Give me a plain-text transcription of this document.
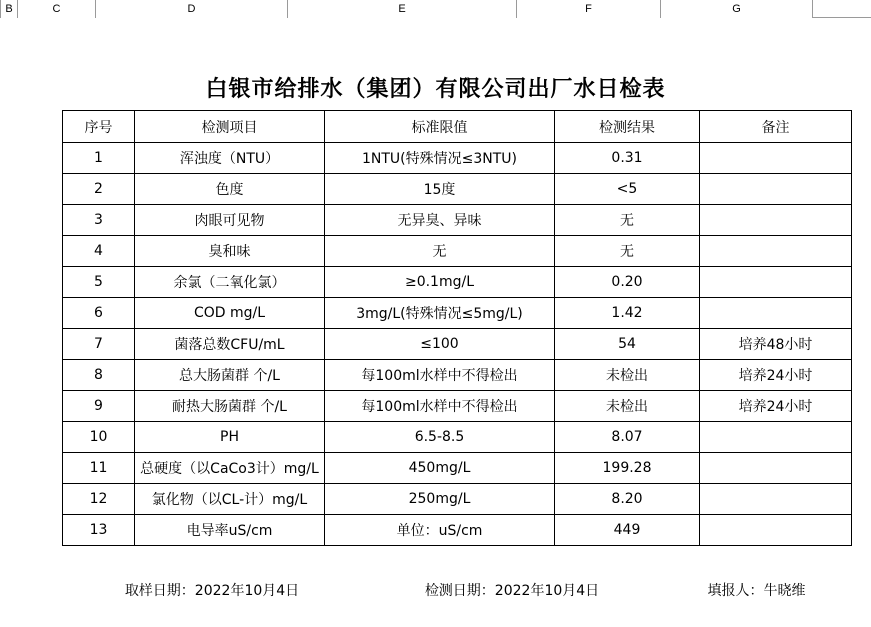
B	C	D	E	F	G
白银市给排水（集团）有限公司出厂水日检表
序号	检测项目	标准限值	检测结果	备注
1	浑浊度（NTU）	1NTU(特殊情况≤3NTU)	0.31	
2	色度	15度	<5	
3	肉眼可见物	无异臭、异味	无	
4	臭和味	无	无	
5	余氯（二氧化氯）	≥0.1mg/L	0.20	
6	COD mg/L	3mg/L(特殊情况≤5mg/L)	1.42	
7	菌落总数CFU/mL	≤100	54	培养48小时
8	总大肠菌群 个/L	每100ml水样中不得检出	未检出	培养24小时
9	耐热大肠菌群 个/L	每100ml水样中不得检出	未检出	培养24小时
10	PH	6.5-8.5	8.07	
11	总硬度（以CaCo3计）mg/L	450mg/L	199.28	
12	氯化物（以CL-计）mg/L	250mg/L	8.20	
13	电导率uS/cm	单位：uS/cm	449	
取样日期：2022年10月4日	检测日期：2022年10月4日	填报人：牛晓维
